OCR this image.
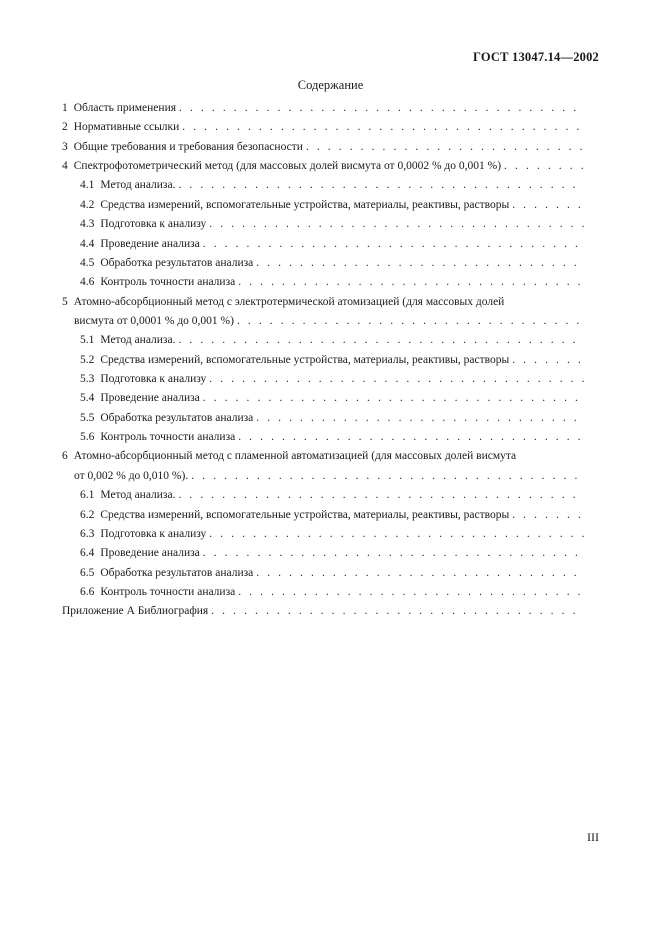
ГОСТ 13047.14—2002
Содержание
1 Область применения
. . .
2 Нормативные ссылки
. . .
3 Общие требования и требования безопасности
. . .
4 Спектрофотометрический метод (для массовых долей висмута от 0,0002 % до 0,001 %)
. . .
4.1 Метод анализа.
. . .
4.2 Средства измерений, вспомогательные устройства, материалы, реактивы, растворы
. . .
4.3 Подготовка к анализу
. . .
4.4 Проведение анализа
. . .
4.5 Обработка результатов анализа
. . .
4.6 Контроль точности анализа
. . .
5 Атомно-абсорбционный метод с электротермической атомизацией (для массовых долей
висмута от 0,0001 % до 0,001 %)
. . .
5.1 Метод анализа.
. . .
5.2 Средства измерений, вспомогательные устройства, материалы, реактивы, растворы
. . .
5.3 Подготовка к анализу
. . .
5.4 Проведение анализа
. . .
5.5 Обработка результатов анализа
. . .
5.6 Контроль точности анализа
. . .
6 Атомно-абсорбционный метод с пламенной автоматизацией (для массовых долей висмута
от 0,002 % до 0,010 %).
. . .
6.1 Метод анализа.
. . .
6.2 Средства измерений, вспомогательные устройства, материалы, реактивы, растворы
. . .
6.3 Подготовка к анализу
. . .
6.4 Проведение анализа
. . .
6.5 Обработка результатов анализа
. . .
6.6 Контроль точности анализа
. . .
Приложение А Библиография
. . .
III
